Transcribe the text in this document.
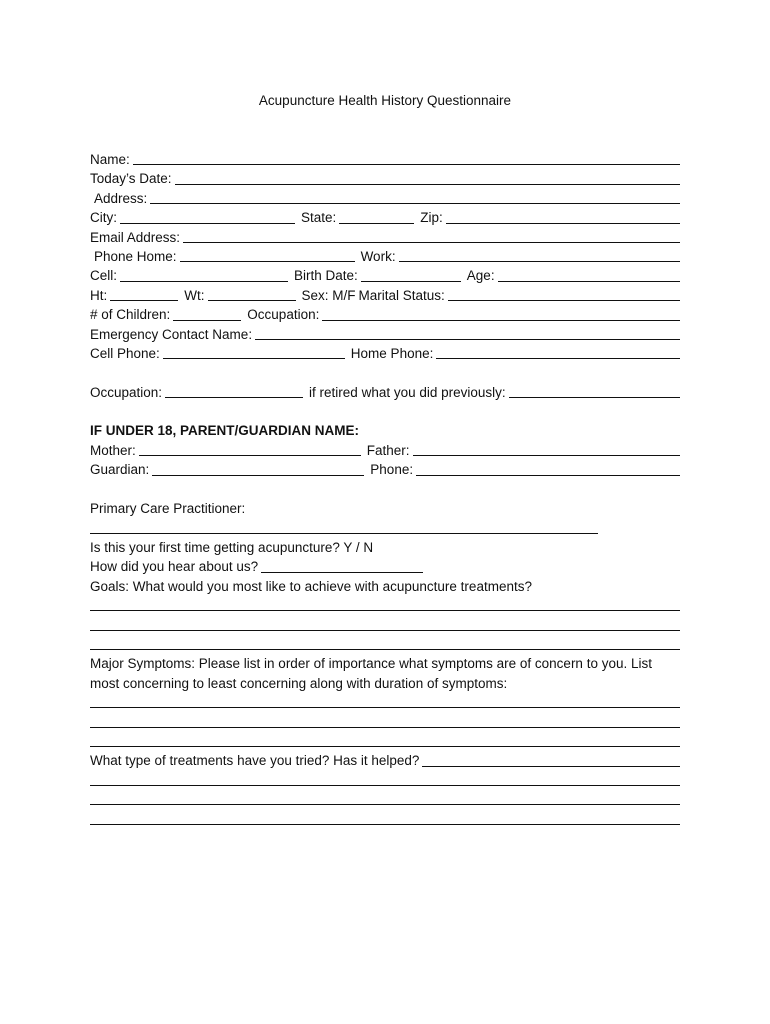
Acupuncture Health History Questionnaire
Name:
Today’s Date:
Address:
City:	State:	Zip:
Email Address:
Phone Home:	Work:
Cell:	Birth Date:	Age:
Ht:	Wt:	Sex: M/F Marital Status:
# of Children:	Occupation:
Emergency Contact Name:
Cell Phone:	Home Phone:
Occupation:	if retired what you did previously:
IF UNDER 18, PARENT/GUARDIAN NAME:
Mother:	Father:
Guardian:	Phone:
Primary Care Practitioner:
Is this your first time getting acupuncture? Y / N
How did you hear about us?
Goals: What would you most like to achieve with acupuncture treatments?
Major Symptoms: Please list in order of importance what symptoms are of concern to you. List
most concerning to least concerning along with duration of symptoms:
What type of treatments have you tried? Has it helped?
